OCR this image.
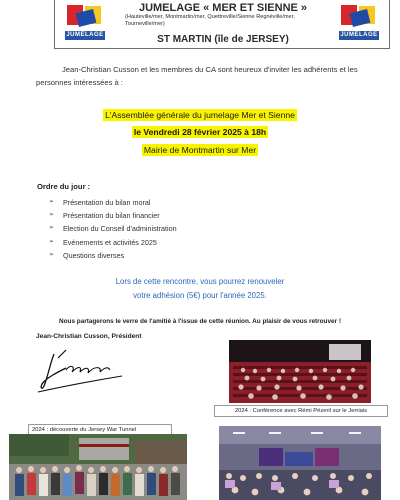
JUMELAGE
JUMELAGE « MER ET SIENNE »
(Hauteville/mer, Montmartin/mer, Quettreville/Sienne Regnéville/mer, Tourneville/mer)
ST MARTIN (île de JERSEY)	JUMELAGE

Jean-Christian Cusson et les membres du CA sont heureux d'inviter les adhérents et les personnes intéressées à :

L'Assemblée générale du jumelage Mer et Sienne
le Vendredi 28 février 2025 à 18h
Mairie de Montmartin sur Mer
Ordre du jour :
➢ Présentation du bilan moral
➢ Présentation du bilan financier
➢ Election du Conseil d'administration
➢ Evénements et activités 2025
➢ Questions diverses
Lors de cette rencontre, vous pourrez renouveler
votre adhésion (5€) pour l'année 2025.
Nous partagerons le verre de l'amitié à l'issue de cette réunion. Au plaisir de vous retrouver !
Jean-Christian Cusson, Président
2024 : Conférence avec Rémi Pézeril sur le Jerriais
2024 : découverte du Jersey War Tunnel
